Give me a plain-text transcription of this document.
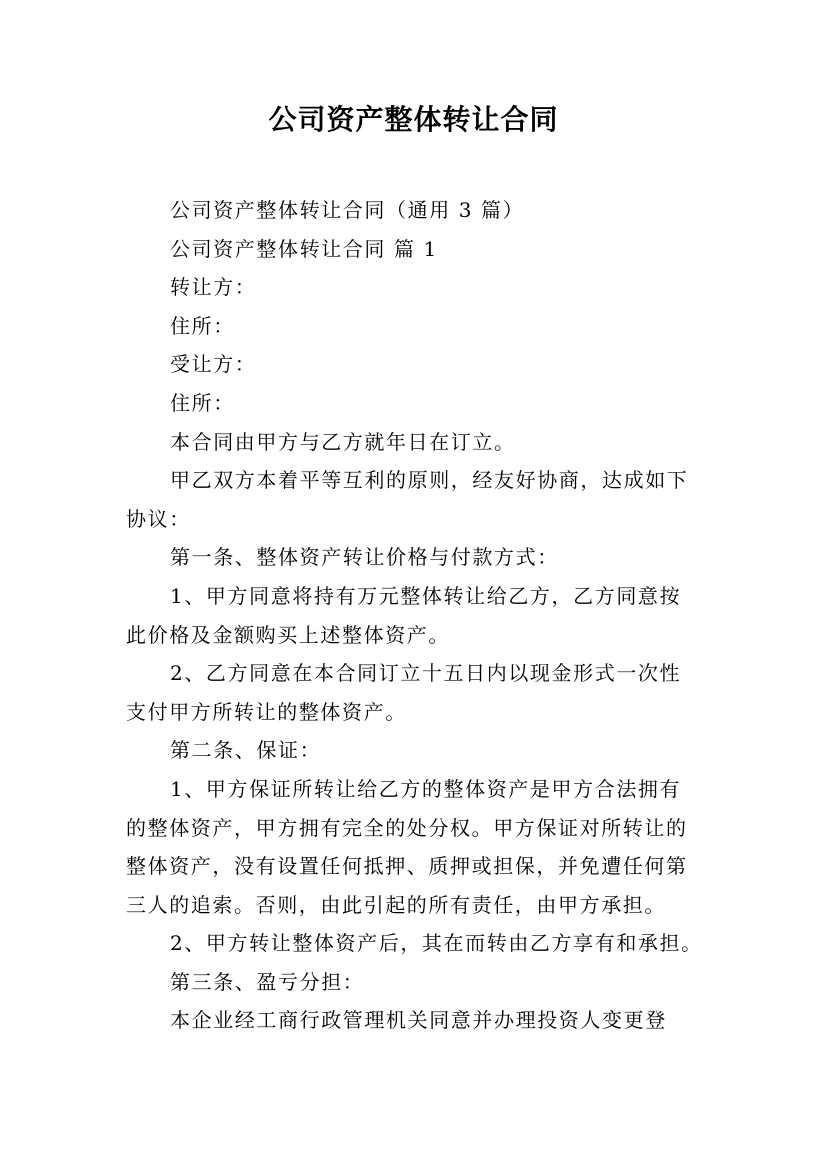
公司资产整体转让合同
公司资产整体转让合同（通用 3 篇）
公司资产整体转让合同 篇 1
转让方：
住所：
受让方：
住所：
本合同由甲方与乙方就年日在订立。
甲乙双方本着平等互利的原则，经友好协商，达成如下
协议：
第一条、整体资产转让价格与付款方式：
1、甲方同意将持有万元整体转让给乙方，乙方同意按
此价格及金额购买上述整体资产。
2、乙方同意在本合同订立十五日内以现金形式一次性
支付甲方所转让的整体资产。
第二条、保证：
1、甲方保证所转让给乙方的整体资产是甲方合法拥有
的整体资产，甲方拥有完全的处分权。甲方保证对所转让的
整体资产，没有设置任何抵押、质押或担保，并免遭任何第
三人的追索。否则，由此引起的所有责任，由甲方承担。
2、甲方转让整体资产后，其在而转由乙方享有和承担。
第三条、盈亏分担：
本企业经工商行政管理机关同意并办理投资人变更登
